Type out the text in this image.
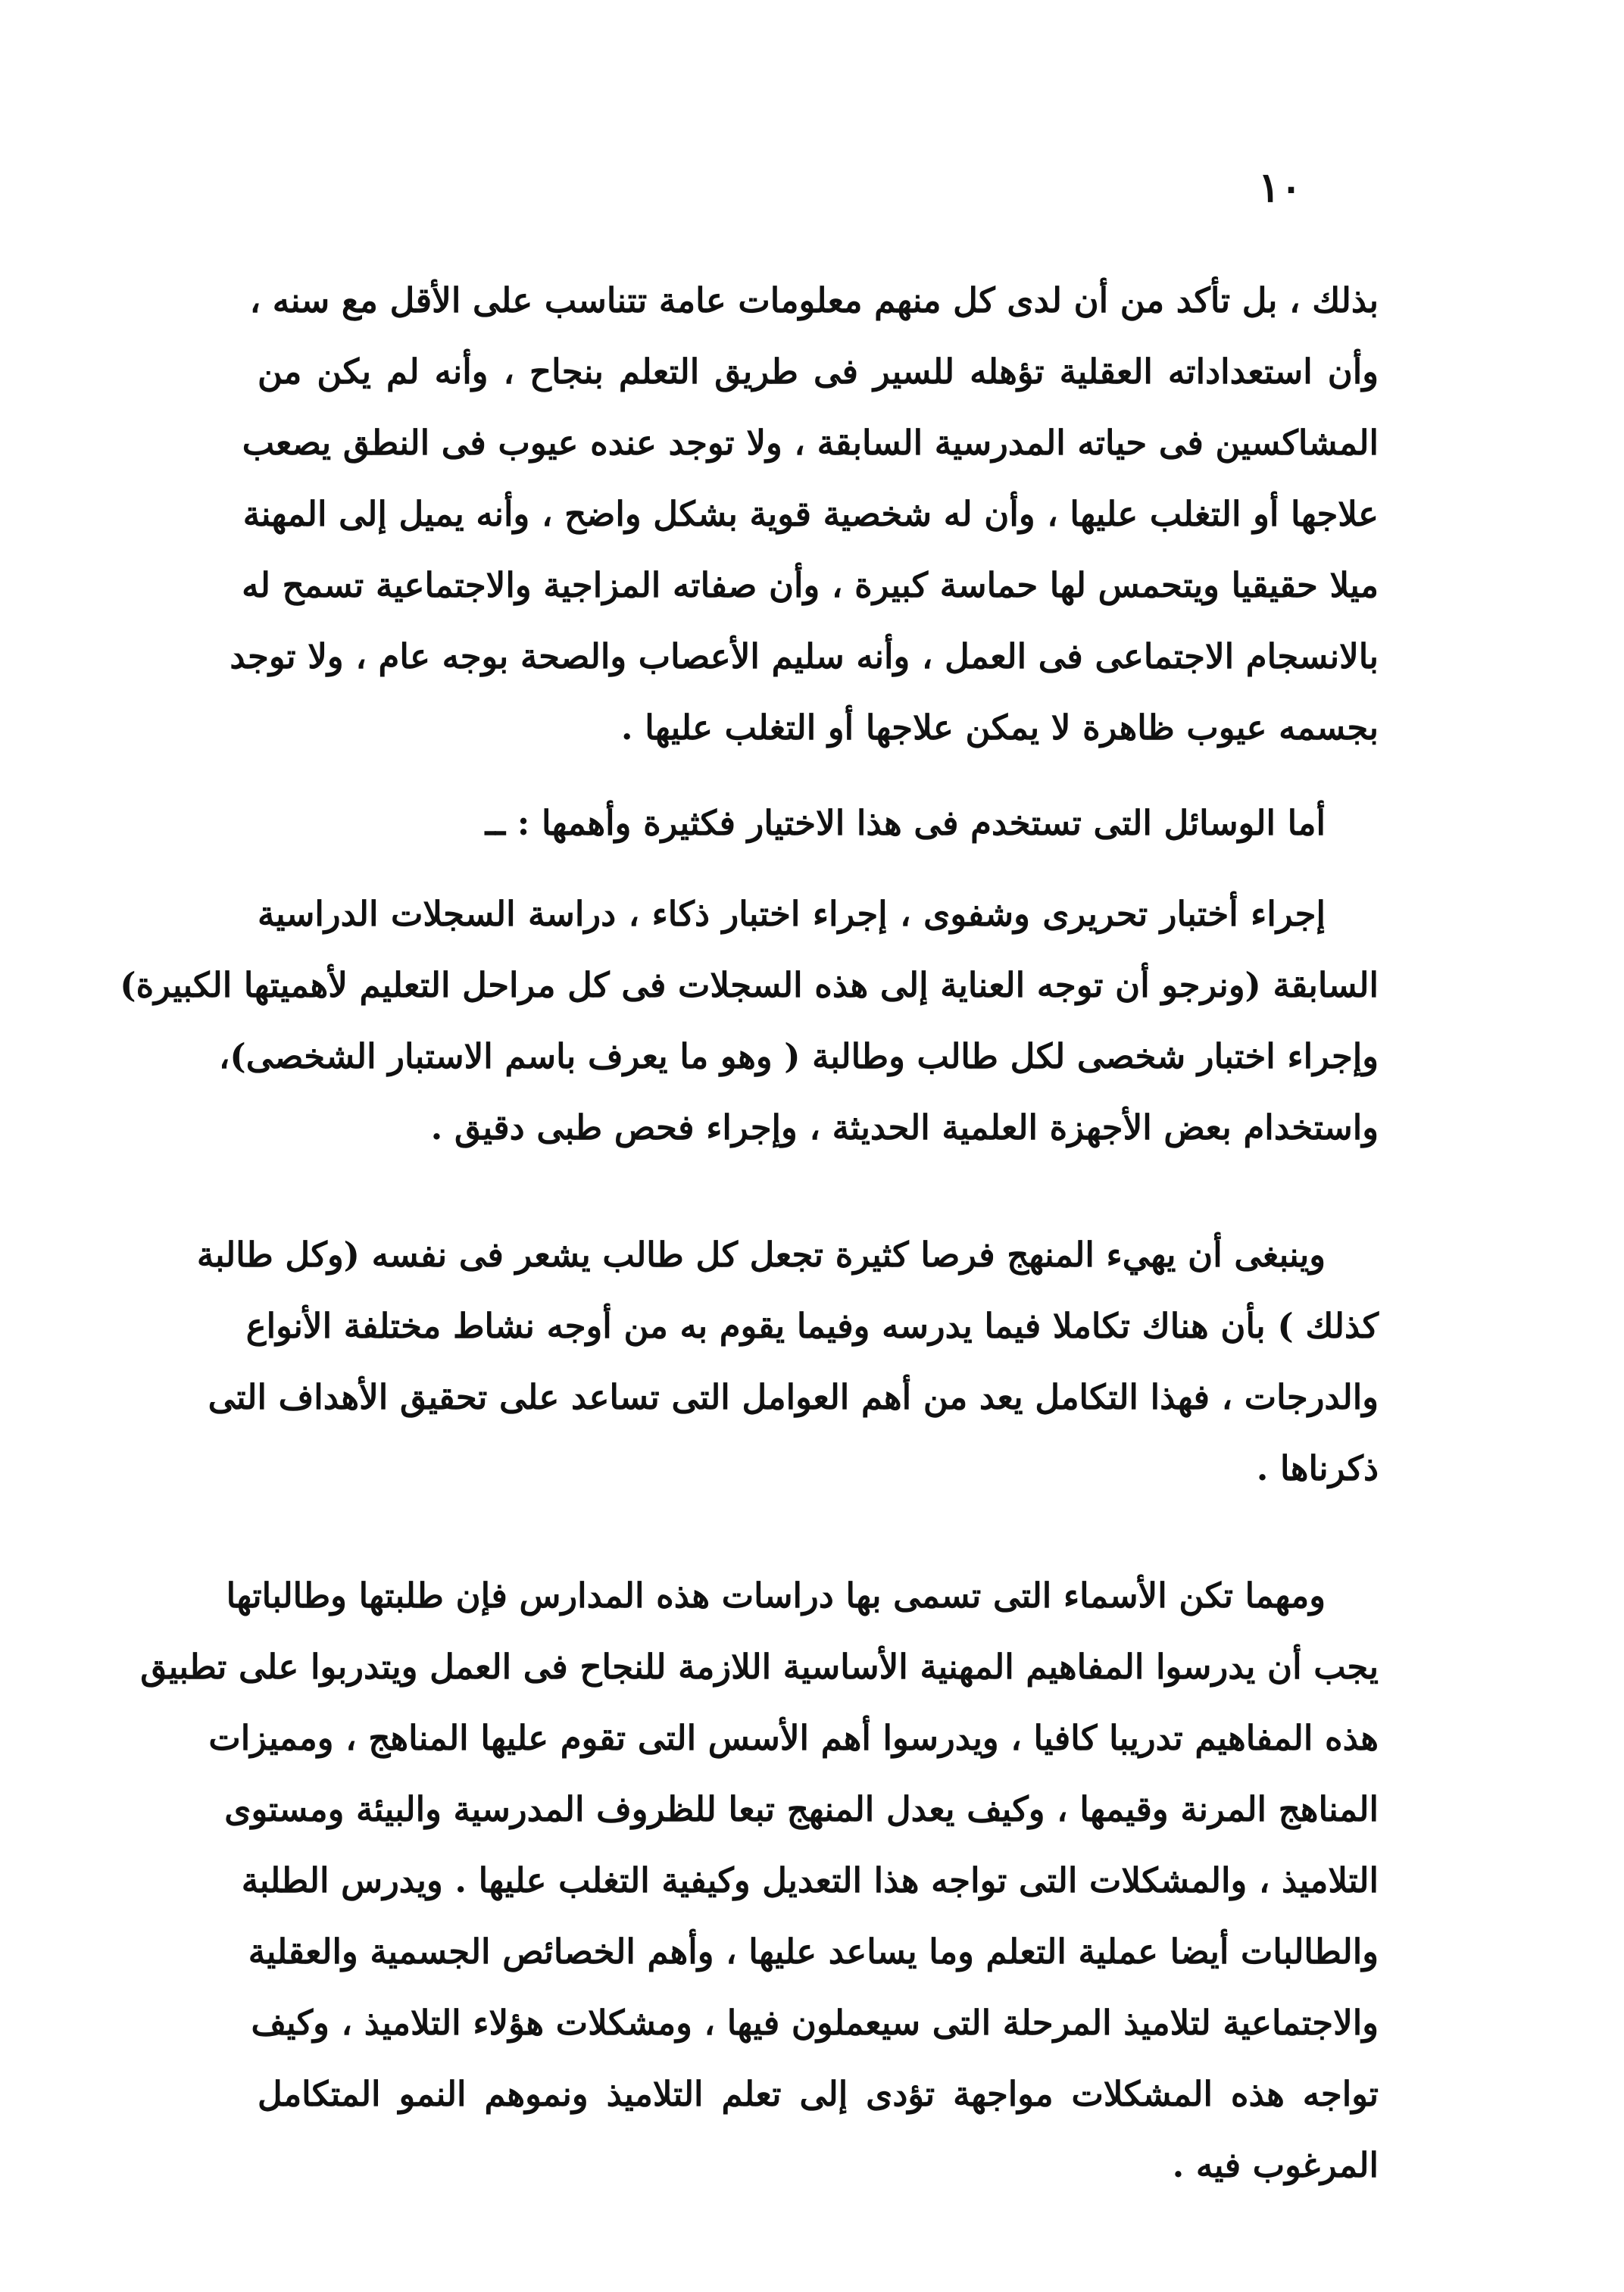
١٠
بذلك ، بل تأكد من أن لدى كل منهم معلومات عامة تتناسب على الأقل مع سنه ،
وأن استعداداته العقلية تؤهله للسير فى طريق التعلم بنجاح ، وأنه لم يكن من
المشاكسين فى حياته المدرسية السابقة ، ولا توجد عنده عيوب فى النطق يصعب
علاجها أو التغلب عليها ، وأن له شخصية قوية بشكل واضح ، وأنه يميل إلى المهنة
ميلا حقيقيا ويتحمس لها حماسة كبيرة ، وأن صفاته المزاجية والاجتماعية تسمح له
بالانسجام الاجتماعى فى العمل ، وأنه سليم الأعصاب والصحة بوجه عام ، ولا توجد
بجسمه عيوب ظاهرة لا يمكن علاجها أو التغلب عليها .
أما الوسائل التى تستخدم فى هذا الاختيار فكثيرة وأهمها : ــ
إجراء أختبار تحريرى وشفوى ، إجراء اختبار ذكاء ، دراسة السجلات الدراسية
السابقة (ونرجو أن توجه العناية إلى هذه السجلات فى كل مراحل التعليم لأهميتها الكبيرة)
وإجراء اختبار شخصى لكل طالب وطالبة ( وهو ما يعرف باسم الاستبار الشخصى)،
واستخدام بعض الأجهزة العلمية الحديثة ، وإجراء فحص طبى دقيق .
وينبغى أن يهيء المنهج فرصا كثيرة تجعل كل طالب يشعر فى نفسه (وكل طالبة
كذلك ) بأن هناك تكاملا فيما يدرسه وفيما يقوم به من أوجه نشاط مختلفة الأنواع
والدرجات ، فهذا التكامل يعد من أهم العوامل التى تساعد على تحقيق الأهداف التى
ذكرناها .
ومهما تكن الأسماء التى تسمى بها دراسات هذه المدارس فإن طلبتها وطالباتها
يجب أن يدرسوا المفاهيم المهنية الأساسية اللازمة للنجاح فى العمل ويتدربوا على تطبيق
هذه المفاهيم تدريبا كافيا ، ويدرسوا أهم الأسس التى تقوم عليها المناهج ، ومميزات
المناهج المرنة وقيمها ، وكيف يعدل المنهج تبعا للظروف المدرسية والبيئة ومستوى
التلاميذ ، والمشكلات التى تواجه هذا التعديل وكيفية التغلب عليها . ويدرس الطلبة
والطالبات أيضا عملية التعلم وما يساعد عليها ، وأهم الخصائص الجسمية والعقلية
والاجتماعية لتلاميذ المرحلة التى سيعملون فيها ، ومشكلات هؤلاء التلاميذ ، وكيف
تواجه هذه المشكلات مواجهة تؤدى إلى تعلم التلاميذ ونموهم النمو المتكامل
المرغوب فيه .
